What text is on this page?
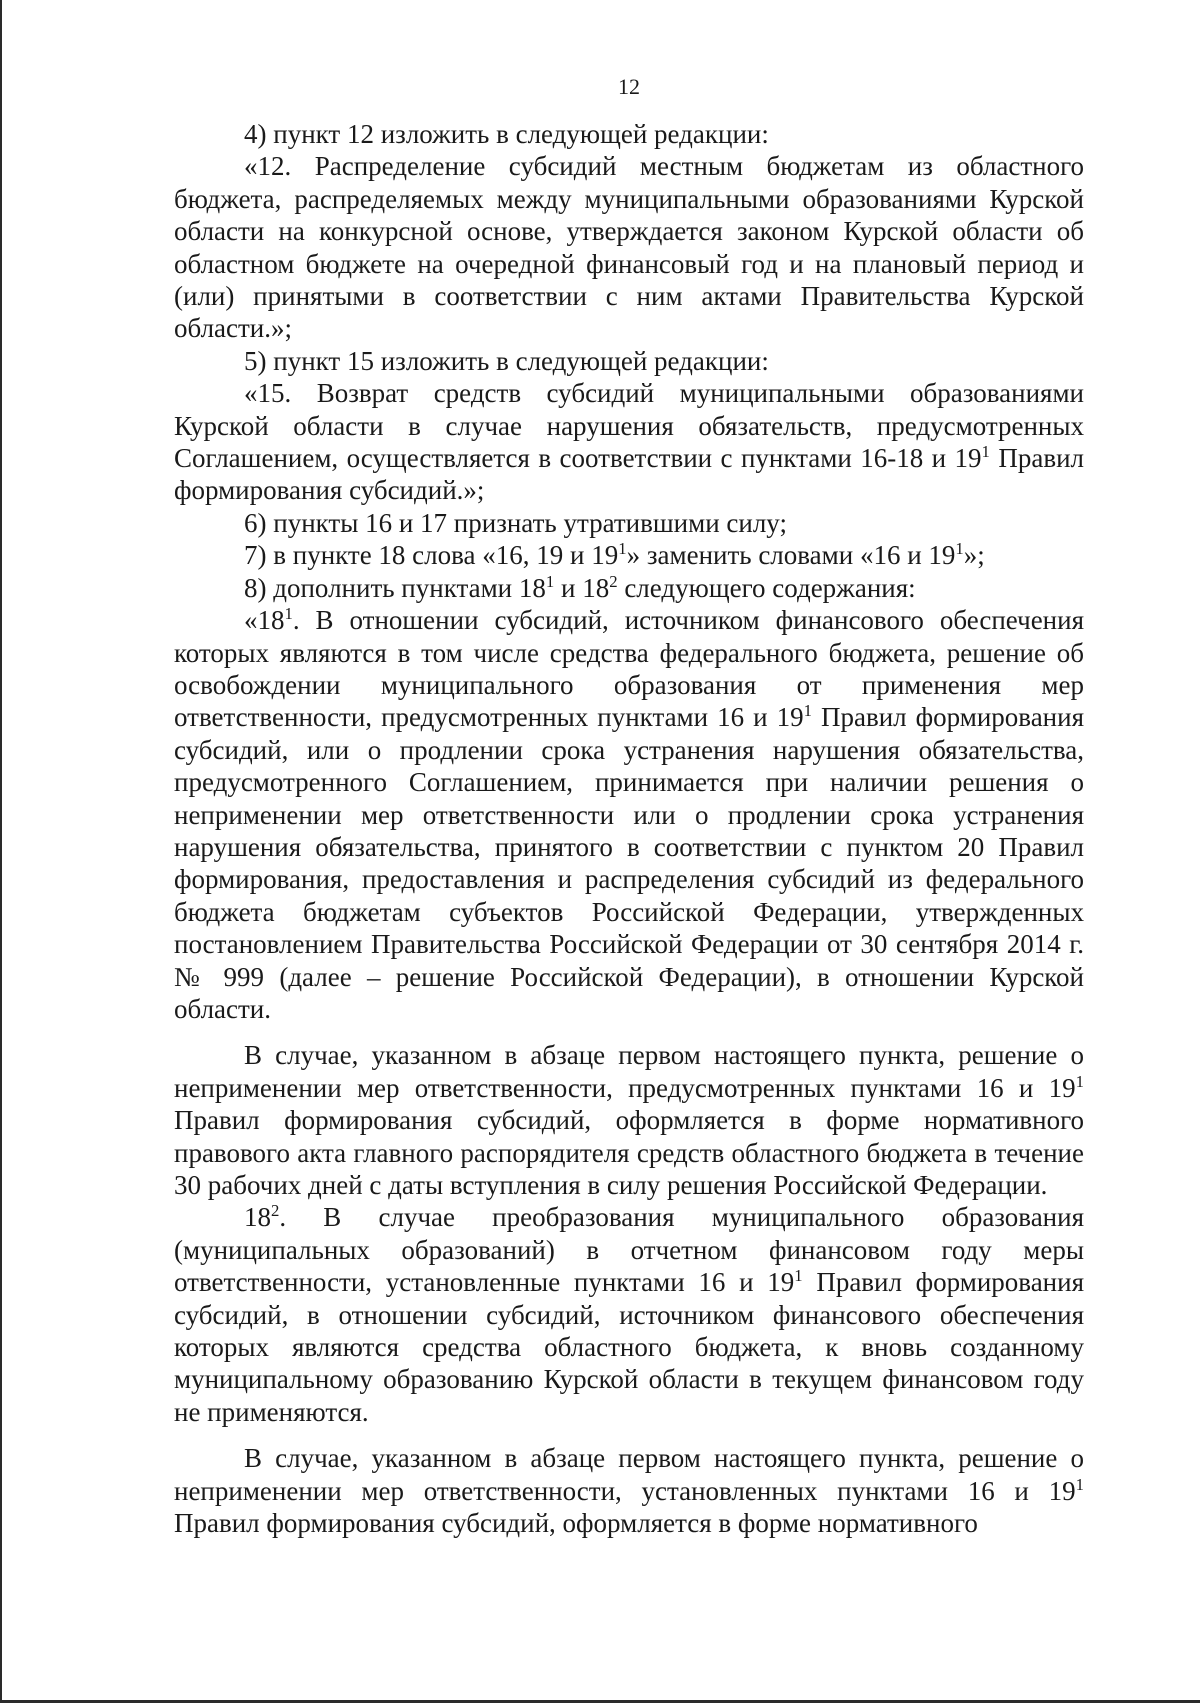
12

4) пункт 12 изложить в следующей редакции:

«12. Распределение субсидий местным бюджетам из областного бюджета, распределяемых между муниципальными образованиями Курской области на конкурсной основе, утверждается законом Курской области об областном бюджете на очередной финансовый год и на плановый период и (или) принятыми в соответствии с ним актами Правительства Курской области.»;

5) пункт 15 изложить в следующей редакции:

«15. Возврат средств субсидий муниципальными образованиями Курской области в случае нарушения обязательств, предусмотренных Соглашением, осуществляется в соответствии с пунктами 16-18 и $19^1$ Правил формирования субсидий.»;

6) пункты 16 и 17 признать утратившими силу;

7) в пункте 18 слова «16, 19 и $19^1$» заменить словами «16 и $19^1$»;

8) дополнить пунктами $18^1$ и $18^2$ следующего содержания:

«$18^1$. В отношении субсидий, источником финансового обеспечения которых являются в том числе средства федерального бюджета, решение об освобождении муниципального образования от применения мер ответственности, предусмотренных пунктами 16 и $19^1$ Правил формирования субсидий, или о продлении срока устранения нарушения обязательства, предусмотренного Соглашением, принимается при наличии решения о неприменении мер ответственности или о продлении срока устранения нарушения обязательства, принятого в соответствии с пунктом 20 Правил формирования, предоставления и распределения субсидий из федерального бюджета бюджетам субъектов Российской Федерации, утвержденных постановлением Правительства Российской Федерации от 30 сентября 2014 г. № 999 (далее – решение Российской Федерации), в отношении Курской области.

В случае, указанном в абзаце первом настоящего пункта, решение о неприменении мер ответственности, предусмотренных пунктами 16 и $19^1$ Правил формирования субсидий, оформляется в форме нормативного правового акта главного распорядителя средств областного бюджета в течение 30 рабочих дней с даты вступления в силу решения Российской Федерации.

$18^2$. В случае преобразования муниципального образования (муниципальных образований) в отчетном финансовом году меры ответственности, установленные пунктами 16 и $19^1$ Правил формирования субсидий, в отношении субсидий, источником финансового обеспечения которых являются средства областного бюджета, к вновь созданному муниципальному образованию Курской области в текущем финансовом году не применяются.

В случае, указанном в абзаце первом настоящего пункта, решение о неприменении мер ответственности, установленных пунктами 16 и $19^1$ Правил формирования субсидий, оформляется в форме нормативного
